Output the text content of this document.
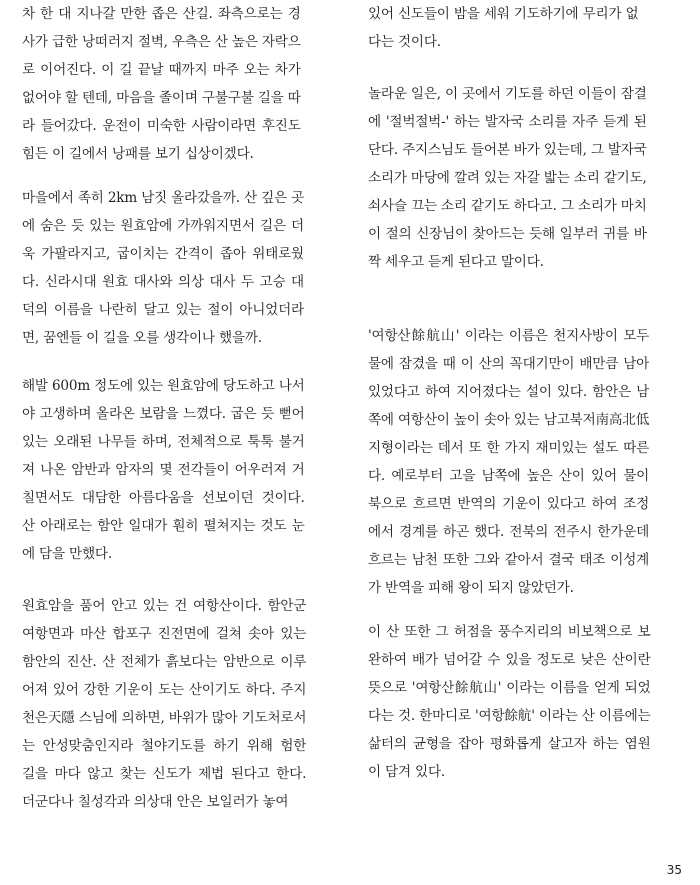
차 한 대 지나갈 만한 좁은 산길. 좌측으로는 경
사가 급한 낭떠러지 절벽, 우측은 산 높은 자락으
로 이어진다. 이 길 끝날 때까지 마주 오는 차가
없어야 할 텐데, 마음을 졸이며 구불구불 길을 따
라 들어갔다. 운전이 미숙한 사람이라면 후진도
힘든 이 길에서 낭패를 보기 십상이겠다.

마을에서 족히 2km 남짓 올라갔을까. 산 깊은 곳
에 숨은 듯 있는 원효암에 가까워지면서 길은 더
욱 가팔라지고, 굽이치는 간격이 좁아 위태로웠
다. 신라시대 원효 대사와 의상 대사 두 고승 대
덕의 이름을 나란히 달고 있는 절이 아니었더라
면, 꿈엔들 이 길을 오를 생각이나 했을까.

해발 600m 정도에 있는 원효암에 당도하고 나서
야 고생하며 올라온 보람을 느꼈다. 굽은 듯 뻗어
있는 오래된 나무들 하며, 전체적으로 툭툭 불거
져 나온 암반과 암자의 몇 전각들이 어우러져 거
칠면서도 대담한 아름다움을 선보이던 것이다.
산 아래로는 함안 일대가 훤히 펼쳐지는 것도 눈
에 담을 만했다.

원효암을 품어 안고 있는 건 여항산이다. 함안군
여항면과 마산 합포구 진전면에 걸쳐 솟아 있는
함안의 진산. 산 전체가 흙보다는 암반으로 이루
어져 있어 강한 기운이 도는 산이기도 하다. 주지
천은天隱 스님에 의하면, 바위가 많아 기도처로서
는 안성맞춤인지라 철야기도를 하기 위해 험한
길을 마다 않고 찾는 신도가 제법 된다고 한다.
더군다나 칠성각과 의상대 안은 보일러가 놓여

있어 신도들이 밤을 세워 기도하기에 무리가 없
다는 것이다.

놀라운 일은, 이 곳에서 기도를 하던 이들이 잠결
에 '절벅절벅-' 하는 발자국 소리를 자주 듣게 된
단다. 주지스님도 들어본 바가 있는데, 그 발자국
소리가 마당에 깔려 있는 자갈 밟는 소리 같기도,
쇠사슬 끄는 소리 같기도 하다고. 그 소리가 마치
이 절의 신장님이 찾아드는 듯해 일부러 귀를 바
짝 세우고 듣게 된다고 말이다.

'여항산餘航山' 이라는 이름은 천지사방이 모두
물에 잠겼을 때 이 산의 꼭대기만이 배만큼 남아
있었다고 하여 지어졌다는 설이 있다. 함안은 남
쪽에 여항산이 높이 솟아 있는 남고북저南高北低
지형이라는 데서 또 한 가지 재미있는 설도 따른
다. 예로부터 고을 남쪽에 높은 산이 있어 물이
북으로 흐르면 반역의 기운이 있다고 하여 조정
에서 경계를 하곤 했다. 전북의 전주시 한가운데
흐르는 남천 또한 그와 같아서 결국 태조 이성계
가 반역을 피해 왕이 되지 않았던가.

이 산 또한 그 허점을 풍수지리의 비보책으로 보
완하여 배가 넘어갈 수 있을 정도로 낮은 산이란
뜻으로 '여항산餘航山' 이라는 이름을 얻게 되었
다는 것. 한마디로 '여항餘航' 이라는 산 이름에는
삶터의 균형을 잡아 평화롭게 살고자 하는 염원
이 담겨 있다.

35
